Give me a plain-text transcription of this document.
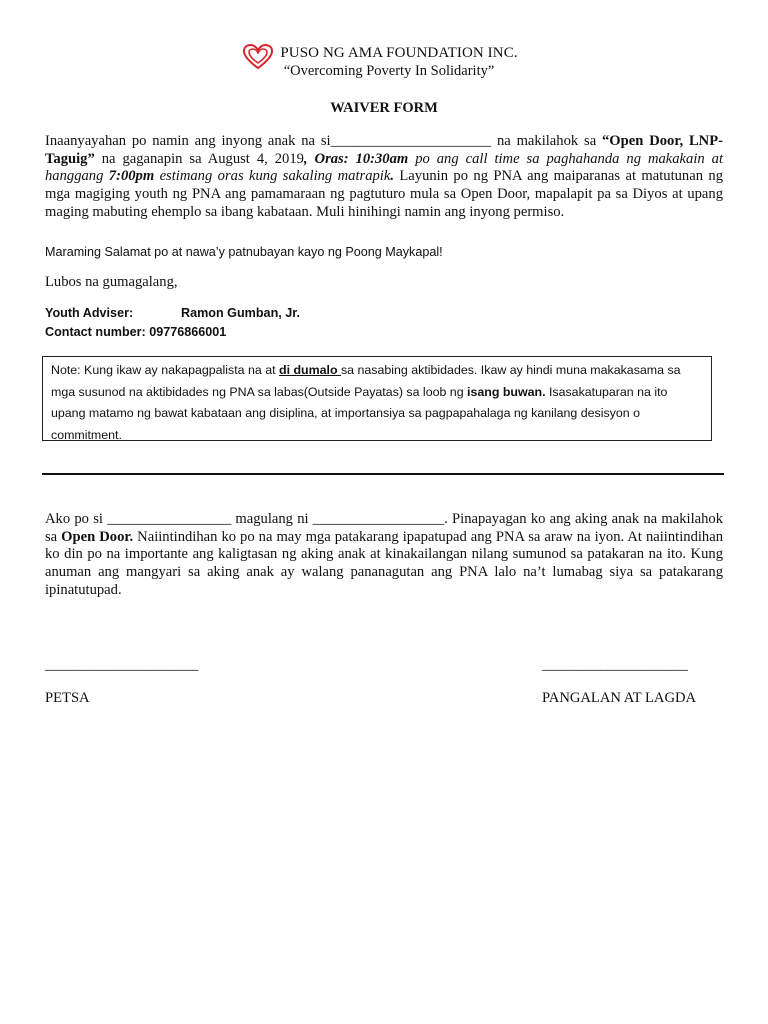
PUSO NG AMA FOUNDATION INC.
“Overcoming Poverty In Solidarity”
WAIVER FORM
Inaanyayahan po namin ang inyong anak na si______________________ na makilahok sa “Open Door, LNP-Taguig” na gaganapin sa August 4, 2019, Oras: 10:30am po ang call time sa paghahanda ng makakain at hanggang 7:00pm estimang oras kung sakaling matrapik. Layunin po ng PNA ang maiparanas at matutunan ng mga magiging youth ng PNA ang pamamaraan ng pagtuturo mula sa Open Door, mapalapit pa sa Diyos at upang maging mabuting ehemplo sa ibang kabataan. Muli hinihingi namin ang inyong permiso.
Maraming Salamat po at nawa’y patnubayan kayo ng Poong Maykapal!
Lubos na gumagalang,
Youth Adviser:	Ramon Gumban, Jr.
Contact number: 09776866001
Note: Kung ikaw ay nakapagpalista na at di dumalo sa nasabing aktibidades. Ikaw ay hindi muna makakasama sa mga susunod na aktibidades ng PNA sa labas(Outside Payatas) sa loob ng isang buwan. Isasakatuparan na ito upang matamo ng bawat kabataan ang disiplina, at importansiya sa pagpapahalaga ng kanilang desisyon o commitment.
Ako po si _________________ magulang ni __________________. Pinapayagan ko ang aking anak na makilahok sa Open Door. Naiintindihan ko po na may mga patakarang ipapatupad ang PNA sa araw na iyon. At naiintindihan ko din po na importante ang kaligtasan ng aking anak at kinakailangan nilang sumunod sa patakaran na ito. Kung anuman ang mangyari sa aking anak ay walang pananagutan ang PNA lalo na’t lumabag siya sa patakarang ipinatutupad.
_____________________	____________________
PETSA	PANGALAN AT LAGDA
